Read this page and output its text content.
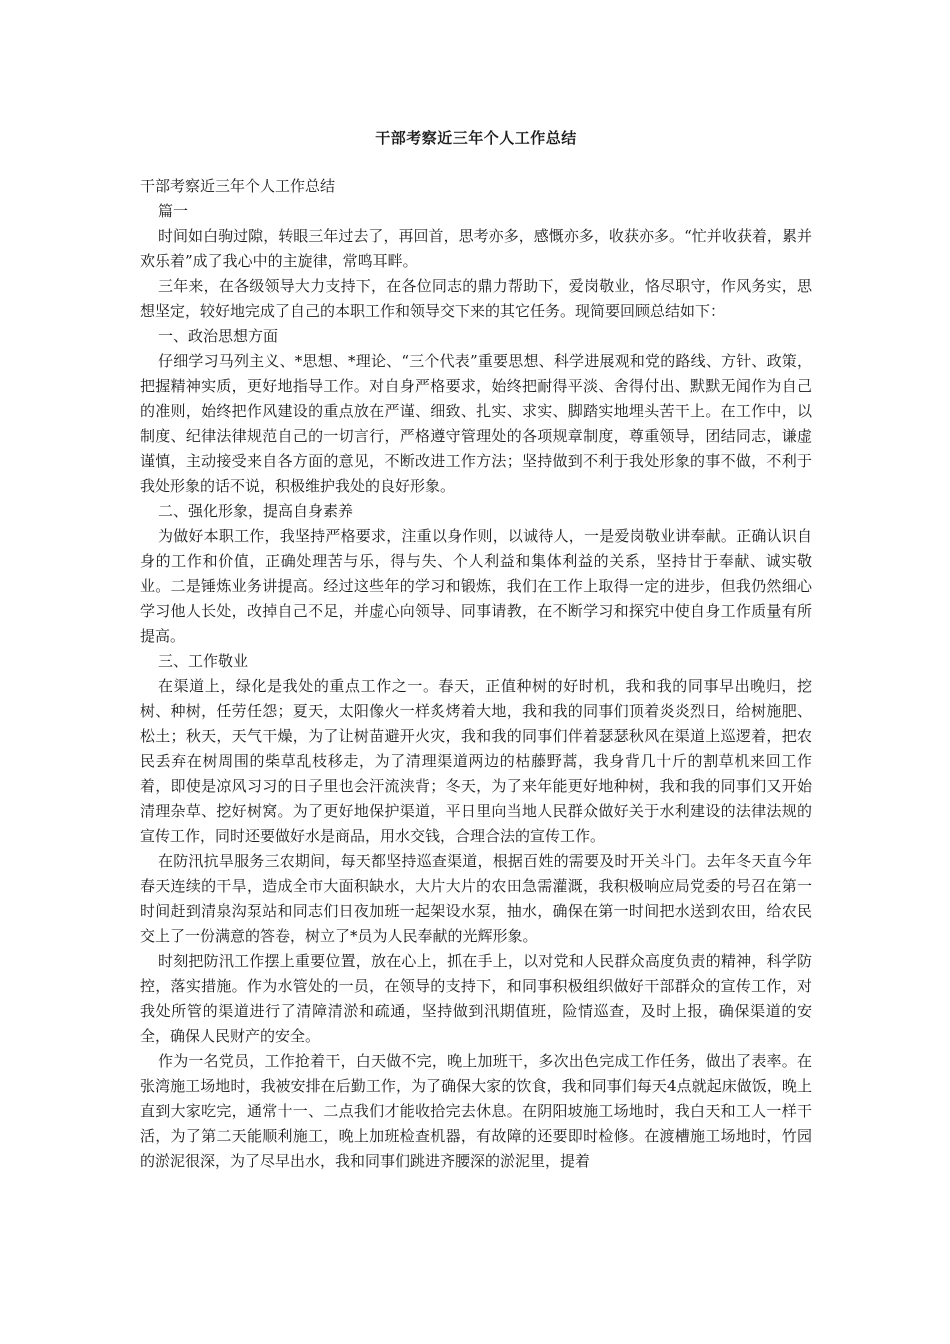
干部考察近三年个人工作总结

干部考察近三年个人工作总结

篇一

时间如白驹过隙，转眼三年过去了，再回首，思考亦多，感慨亦多，收获亦多。“忙并收获着，累并欢乐着”成了我心中的主旋律，常鸣耳畔。

三年来，在各级领导大力支持下，在各位同志的鼎力帮助下，爱岗敬业，恪尽职守，作风务实，思想坚定，较好地完成了自己的本职工作和领导交下来的其它任务。现简要回顾总结如下：

一、政治思想方面

仔细学习马列主义、*思想、*理论、“三个代表”重要思想、科学进展观和党的路线、方针、政策，把握精神实质，更好地指导工作。对自身严格要求，始终把耐得平淡、舍得付出、默默无闻作为自己的准则，始终把作风建设的重点放在严谨、细致、扎实、求实、脚踏实地埋头苦干上。在工作中，以制度、纪律法律规范自己的一切言行，严格遵守管理处的各项规章制度，尊重领导，团结同志，谦虚谨慎，主动接受来自各方面的意见，不断改进工作方法；坚持做到不利于我处形象的事不做，不利于我处形象的话不说，积极维护我处的良好形象。

二、强化形象，提高自身素养

为做好本职工作，我坚持严格要求，注重以身作则，以诚待人，一是爱岗敬业讲奉献。正确认识自身的工作和价值，正确处理苦与乐，得与失、个人利益和集体利益的关系，坚持甘于奉献、诚实敬业。二是锤炼业务讲提高。经过这些年的学习和锻炼，我们在工作上取得一定的进步，但我仍然细心学习他人长处，改掉自己不足，并虚心向领导、同事请教，在不断学习和探究中使自身工作质量有所提高。

三、工作敬业

在渠道上，绿化是我处的重点工作之一。春天，正值种树的好时机，我和我的同事早出晚归，挖树、种树，任劳任怨；夏天，太阳像火一样炙烤着大地，我和我的同事们顶着炎炎烈日，给树施肥、松土；秋天，天气干燥，为了让树苗避开火灾，我和我的同事们伴着瑟瑟秋风在渠道上巡逻着，把农民丢弃在树周围的柴草乱枝移走，为了清理渠道两边的枯藤野蒿，我身背几十斤的割草机来回工作着，即使是凉风习习的日子里也会汗流浃背；冬天，为了来年能更好地种树，我和我的同事们又开始清理杂草、挖好树窝。为了更好地保护渠道，平日里向当地人民群众做好关于水利建设的法律法规的宣传工作，同时还要做好水是商品，用水交钱，合理合法的宣传工作。

在防汛抗旱服务三农期间，每天都坚持巡查渠道，根据百姓的需要及时开关斗门。去年冬天直今年春天连续的干旱，造成全市大面积缺水，大片大片的农田急需灌溉，我积极响应局党委的号召在第一时间赶到清泉沟泵站和同志们日夜加班一起架设水泵，抽水，确保在第一时间把水送到农田，给农民交上了一份满意的答卷，树立了*员为人民奉献的光辉形象。

时刻把防汛工作摆上重要位置，放在心上，抓在手上，以对党和人民群众高度负责的精神，科学防控，落实措施。作为水管处的一员，在领导的支持下，和同事积极组织做好干部群众的宣传工作，对我处所管的渠道进行了清障清淤和疏通，坚持做到汛期值班，险情巡查，及时上报，确保渠道的安全，确保人民财产的安全。

作为一名党员，工作抢着干，白天做不完，晚上加班干，多次出色完成工作任务，做出了表率。在张湾施工场地时，我被安排在后勤工作，为了确保大家的饮食，我和同事们每天4点就起床做饭，晚上直到大家吃完，通常十一、二点我们才能收拾完去休息。在阴阳坡施工场地时，我白天和工人一样干活，为了第二天能顺利施工，晚上加班检查机器，有故障的还要即时检修。在渡槽施工场地时，竹园的淤泥很深，为了尽早出水，我和同事们跳进齐腰深的淤泥里，提着
